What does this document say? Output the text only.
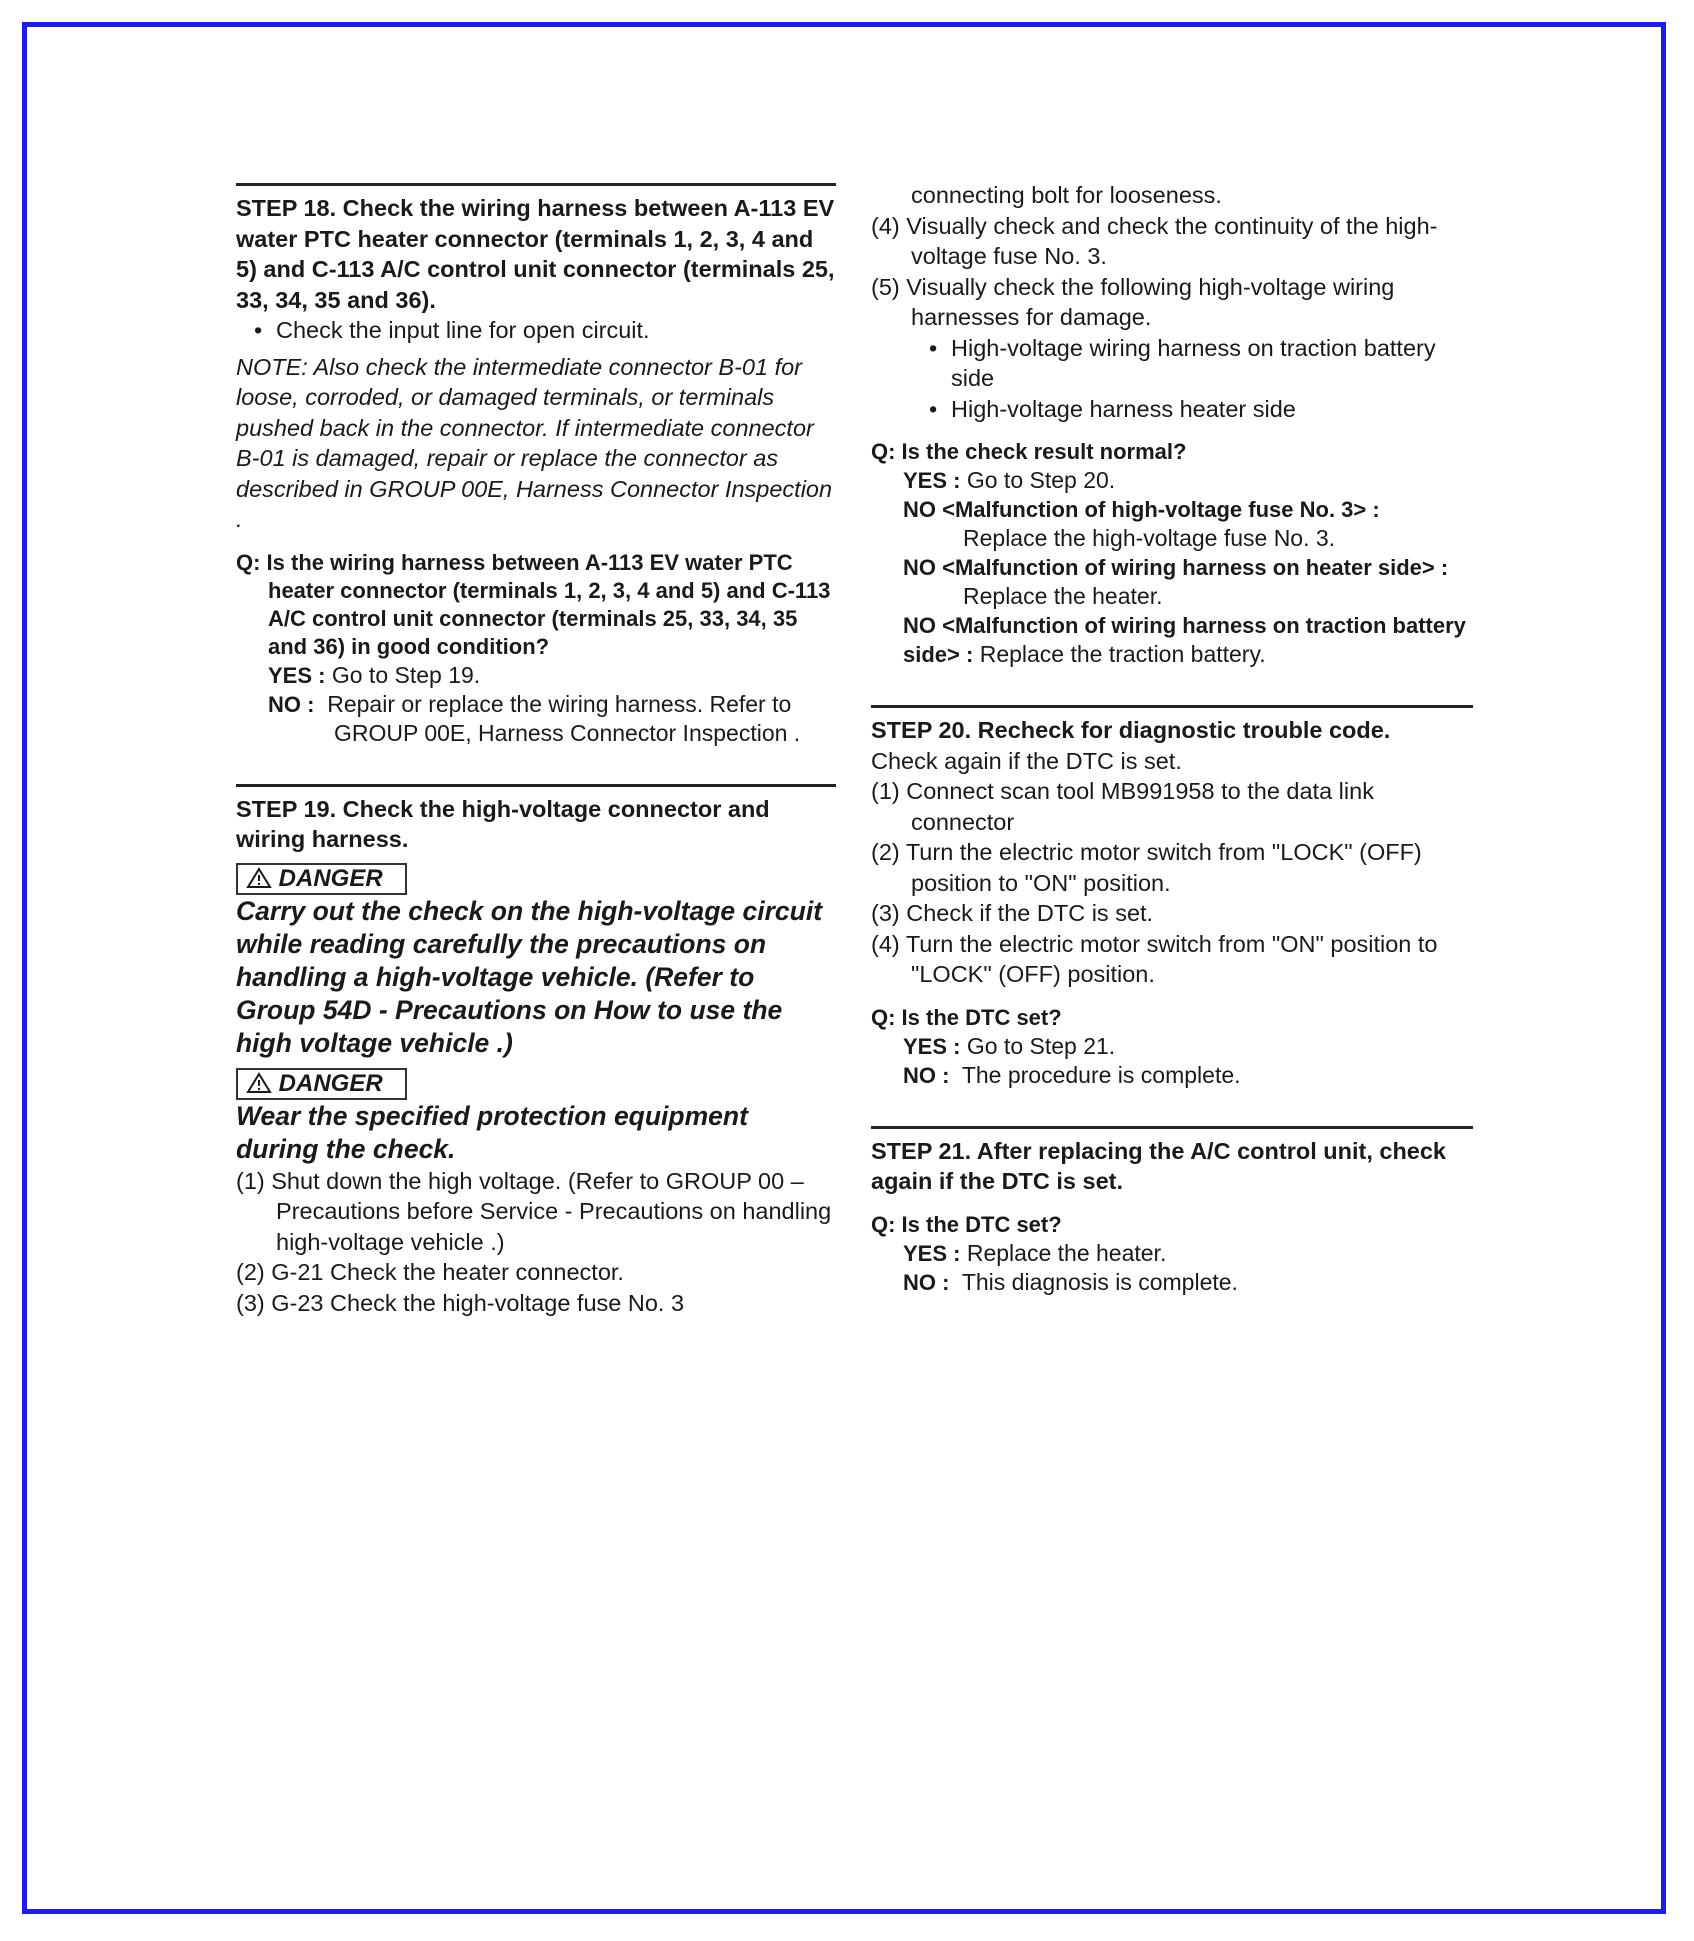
STEP 18. Check the wiring harness between A-113 EV water PTC heater connector (terminals 1, 2, 3, 4 and 5) and C-113 A/C control unit connector (terminals 25, 33, 34, 35 and 36).
• Check the input line for open circuit.
NOTE: Also check the intermediate connector B-01 for loose, corroded, or damaged terminals, or terminals pushed back in the connector. If intermediate connector B-01 is damaged, repair or replace the connector as described in GROUP 00E, Harness Connector Inspection .
Q: Is the wiring harness between A-113 EV water PTC heater connector (terminals 1, 2, 3, 4 and 5) and C-113 A/C control unit connector (terminals 25, 33, 34, 35 and 36) in good condition?
YES : Go to Step 19.
NO : Repair or replace the wiring harness. Refer to GROUP 00E, Harness Connector Inspection .
STEP 19. Check the high-voltage connector and wiring harness.
DANGER
Carry out the check on the high-voltage circuit while reading carefully the precautions on handling a high-voltage vehicle. (Refer to Group 54D - Precautions on How to use the high voltage vehicle .)
DANGER
Wear the specified protection equipment during the check.
(1) Shut down the high voltage. (Refer to GROUP 00 – Precautions before Service - Precautions on handling high-voltage vehicle .)
(2) G-21 Check the heater connector.
(3) G-23 Check the high-voltage fuse No. 3
connecting bolt for looseness.
(4) Visually check and check the continuity of the high-voltage fuse No. 3.
(5) Visually check the following high-voltage wiring harnesses for damage.
• High-voltage wiring harness on traction battery side
• High-voltage harness heater side
Q: Is the check result normal?
YES : Go to Step 20.
NO <Malfunction of high-voltage fuse No. 3> :
Replace the high-voltage fuse No. 3.
NO <Malfunction of wiring harness on heater side> :
Replace the heater.
NO <Malfunction of wiring harness on traction battery side> : Replace the traction battery.
STEP 20. Recheck for diagnostic trouble code.
Check again if the DTC is set.
(1) Connect scan tool MB991958 to the data link connector
(2) Turn the electric motor switch from "LOCK" (OFF) position to "ON" position.
(3) Check if the DTC is set.
(4) Turn the electric motor switch from "ON" position to "LOCK" (OFF) position.
Q: Is the DTC set?
YES : Go to Step 21.
NO : The procedure is complete.
STEP 21. After replacing the A/C control unit, check again if the DTC is set.
Q: Is the DTC set?
YES : Replace the heater.
NO : This diagnosis is complete.
